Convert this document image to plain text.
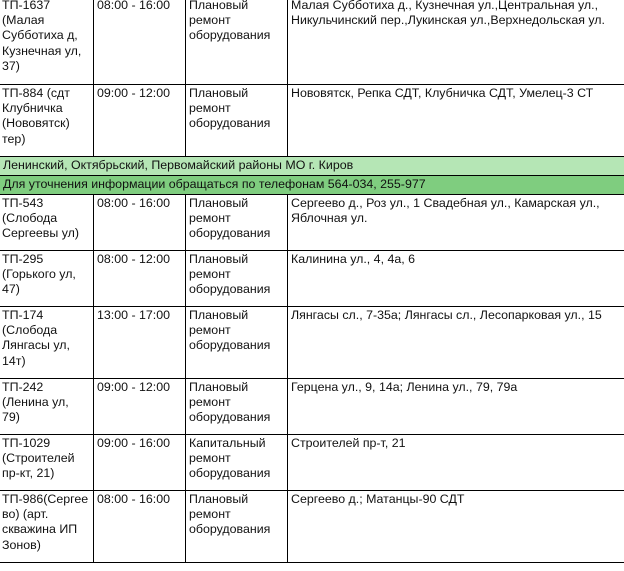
ТП-1637 (Малая Субботиха д, Кузнечная ул, 37)	08:00 - 16:00	Плановый ремонт оборудования	Малая Субботиха д., Кузнечная ул.,Центральная ул., Никульчинский пер.,Лукинская ул.,Верхнедольская ул.
ТП-884 (сдт Клубничка (Нововятск) тер)	09:00 - 12:00	Плановый ремонт оборудования	Нововятск, Репка СДТ, Клубничка СДТ, Умелец-3 СТ
Ленинский, Октябрьский, Первомайский районы МО г. Киров			
Для уточнения информации обращаться по телефонам 564-034, 255-977			
ТП-543 (Слобода Сергеевы ул)	08:00 - 16:00	Плановый ремонт оборудования	Сергеево д., Роз ул., 1 Свадебная ул., Камарская ул., Яблочная ул.
ТП-295 (Горького ул, 47)	08:00 - 12:00	Плановый ремонт оборудования	Калинина ул., 4, 4а, 6
ТП-174 (Слобода Лянгасы ул, 14т)	13:00 - 17:00	Плановый ремонт оборудования	Лянгасы сл., 7-35а; Лянгасы сл., Лесопарковая ул., 15
ТП-242 (Ленина ул, 79)	09:00 - 12:00	Плановый ремонт оборудования	Герцена ул., 9, 14а; Ленина ул., 79, 79а
ТП-1029 (Строителей пр-кт, 21)	09:00 - 16:00	Капитальный ремонт оборудования	Строителей пр-т, 21
ТП-986(Сергеево) (арт. скважина ИП Зонов)	08:00 - 16:00	Плановый ремонт оборудования	Сергеево д.; Матанцы-90 СДТ
